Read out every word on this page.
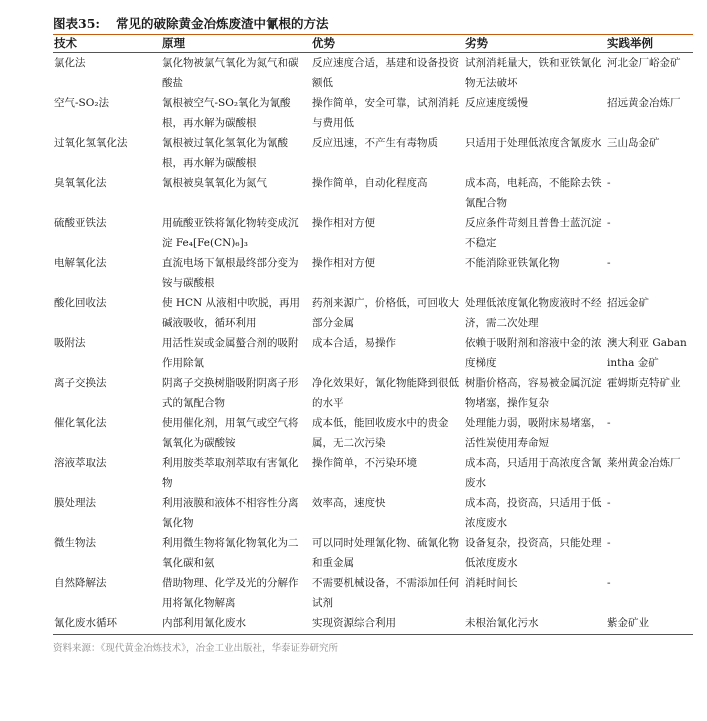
图表35: 常见的破除黄金冶炼废渣中氰根的方法
技术	原理	优势	劣势	实践举例

氯化法	氯化物被氯气氧化为氮气和碳酸盐	反应速度合适，基建和设备投资额低	试剂消耗量大，铁和亚铁氰化物无法破坏	河北金厂峪金矿
空气-SO₂法	氰根被空气-SO₂氧化为氰酸根，再水解为碳酸根	操作简单，安全可靠，试剂消耗与费用低	反应速度缓慢	招远黄金冶炼厂
过氧化氢氧化法	氰根被过氧化氢氧化为氰酸根，再水解为碳酸根	反应迅速，不产生有毒物质	只适用于处理低浓度含氰废水	三山岛金矿
臭氧氧化法	氰根被臭氧氧化为氮气	操作简单，自动化程度高	成本高，电耗高，不能除去铁氰配合物	-
硫酸亚铁法	用硫酸亚铁将氰化物转变成沉淀 Fe₄[Fe(CN)₆]₃	操作相对方便	反应条件苛刻且普鲁士蓝沉淀不稳定	-
电解氧化法	直流电场下氰根最终部分变为铵与碳酸根	操作相对方便	不能消除亚铁氰化物	-
酸化回收法	使 HCN 从液相中吹脱，再用碱液吸收，循环利用	药剂来源广，价格低，可回收大部分金属	处理低浓度氰化物废液时不经济，需二次处理	招远金矿
吸附法	用活性炭或金属螯合剂的吸附作用除氰	成本合适，易操作	依赖于吸附剂和溶液中金的浓度梯度	澳大利亚 Gabanintha 金矿
离子交换法	阴离子交换树脂吸附阴离子形式的氰配合物	净化效果好，氰化物能降到很低的水平	树脂价格高，容易被金属沉淀物堵塞，操作复杂	霍姆斯克特矿业
催化氧化法	使用催化剂，用氧气或空气将氰氧化为碳酸铵	成本低，能回收废水中的贵金属，无二次污染	处理能力弱，吸附床易堵塞，活性炭使用寿命短	-
溶液萃取法	利用胺类萃取剂萃取有害氰化物	操作简单，不污染环境	成本高，只适用于高浓度含氰废水	莱州黄金冶炼厂
膜处理法	利用液膜和液体不相容性分离氰化物	效率高，速度快	成本高，投资高，只适用于低浓度废水	-
微生物法	利用微生物将氰化物氧化为二氧化碳和氨	可以同时处理氰化物、硫氰化物和重金属	设备复杂，投资高，只能处理低浓度废水	-
自然降解法	借助物理、化学及光的分解作用将氰化物解离	不需要机械设备，不需添加任何试剂	消耗时间长	-
氰化废水循环	内部利用氰化废水	实现资源综合利用	未根治氰化污水	紫金矿业
资料来源：《现代黄金冶炼技术》，冶金工业出版社，华泰证券研究所
